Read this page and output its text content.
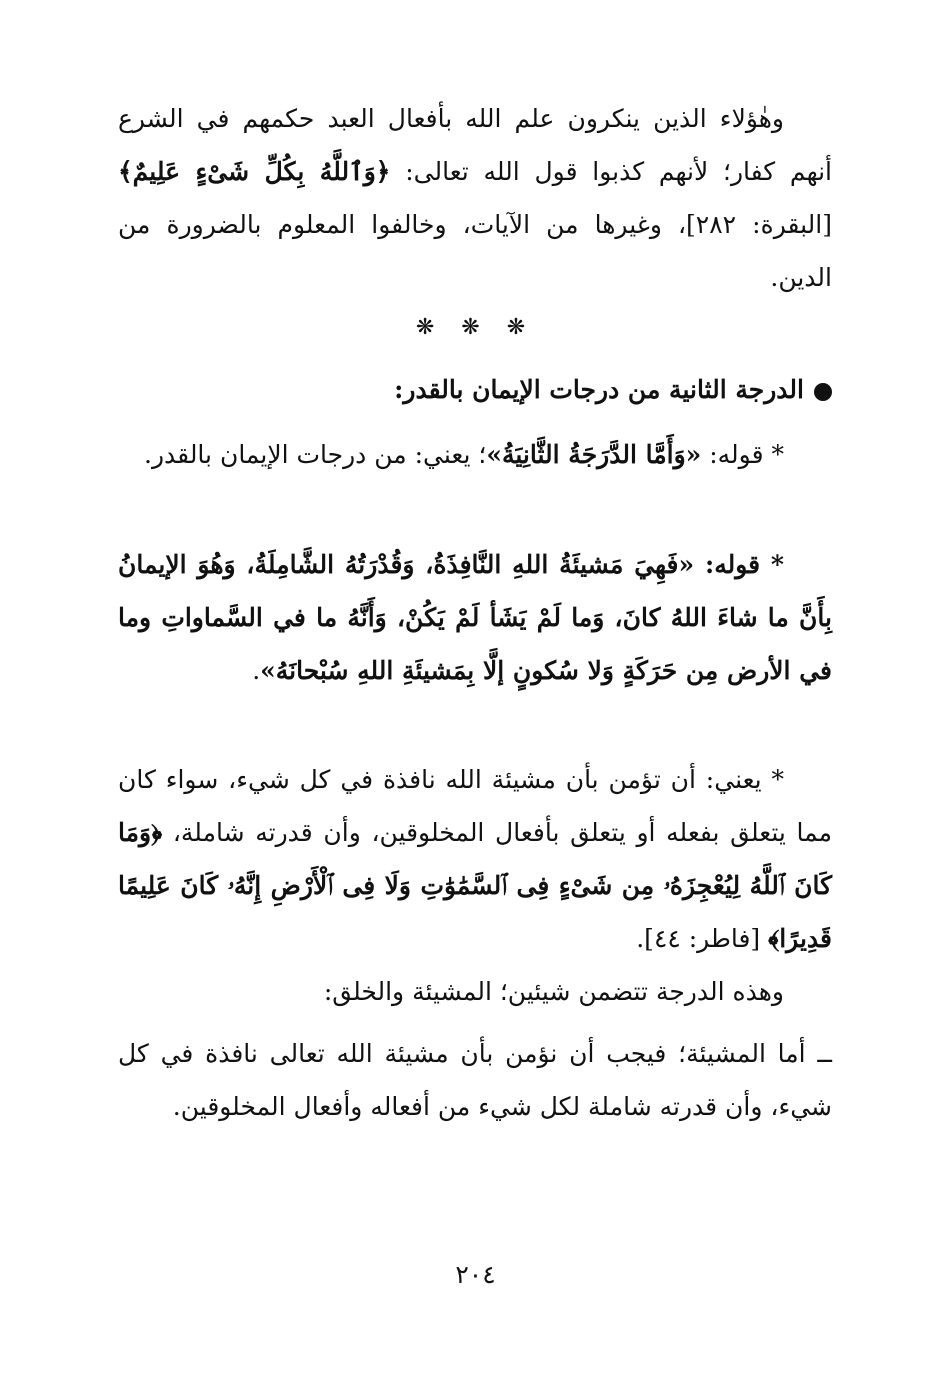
وهٰؤلاء الذين ينكرون علم الله بأفعال العبد حكمهم في الشرع أنهم كفار؛ لأنهم كذبوا قول الله تعالى: ﴿وَٱللَّهُ بِكُلِّ شَىْءٍ عَلِيمٌ﴾ [البقرة: ٢٨٢]، وغيرها من الآيات، وخالفوا المعلوم بالضرورة من الدين.

❋ ❋ ❋

الدرجة الثانية من درجات الإيمان بالقدر:

* قوله: «وَأَمَّا الدَّرَجَةُ الثَّانِيَةُ»؛ يعني: من درجات الإيمان بالقدر.

* قوله: «فَهِيَ مَشيئَةُ اللهِ النَّافِذَةُ، وَقُدْرَتُهُ الشَّامِلَةُ، وَهُوَ الإيمانُ بِأَنَّ ما شاءَ اللهُ كانَ، وَما لَمْ يَشَأ لَمْ يَكُنْ، وَأَنَّهُ ما في السَّماواتِ وما في الأرض مِن حَرَكَةٍ وَلا سُكونٍ إلَّا بِمَشيئَةِ اللهِ سُبْحانَهُ».

* يعني: أن تؤمن بأن مشيئة الله نافذة في كل شيء، سواء كان مما يتعلق بفعله أو يتعلق بأفعال المخلوقين، وأن قدرته شاملة، ﴿وَمَا كَانَ ٱللَّهُ لِيُعْجِزَهُۥ مِن شَىْءٍ فِى ٱلسَّمَٰوَٰتِ وَلَا فِى ٱلْأَرْضِ إِنَّهُۥ كَانَ عَلِيمًا قَدِيرًا﴾ [فاطر: ٤٤].

وهذه الدرجة تتضمن شيئين؛ المشيئة والخلق:

ــ أما المشيئة؛ فيجب أن نؤمن بأن مشيئة الله تعالى نافذة في كل شيء، وأن قدرته شاملة لكل شيء من أفعاله وأفعال المخلوقين.

٢٠٤
